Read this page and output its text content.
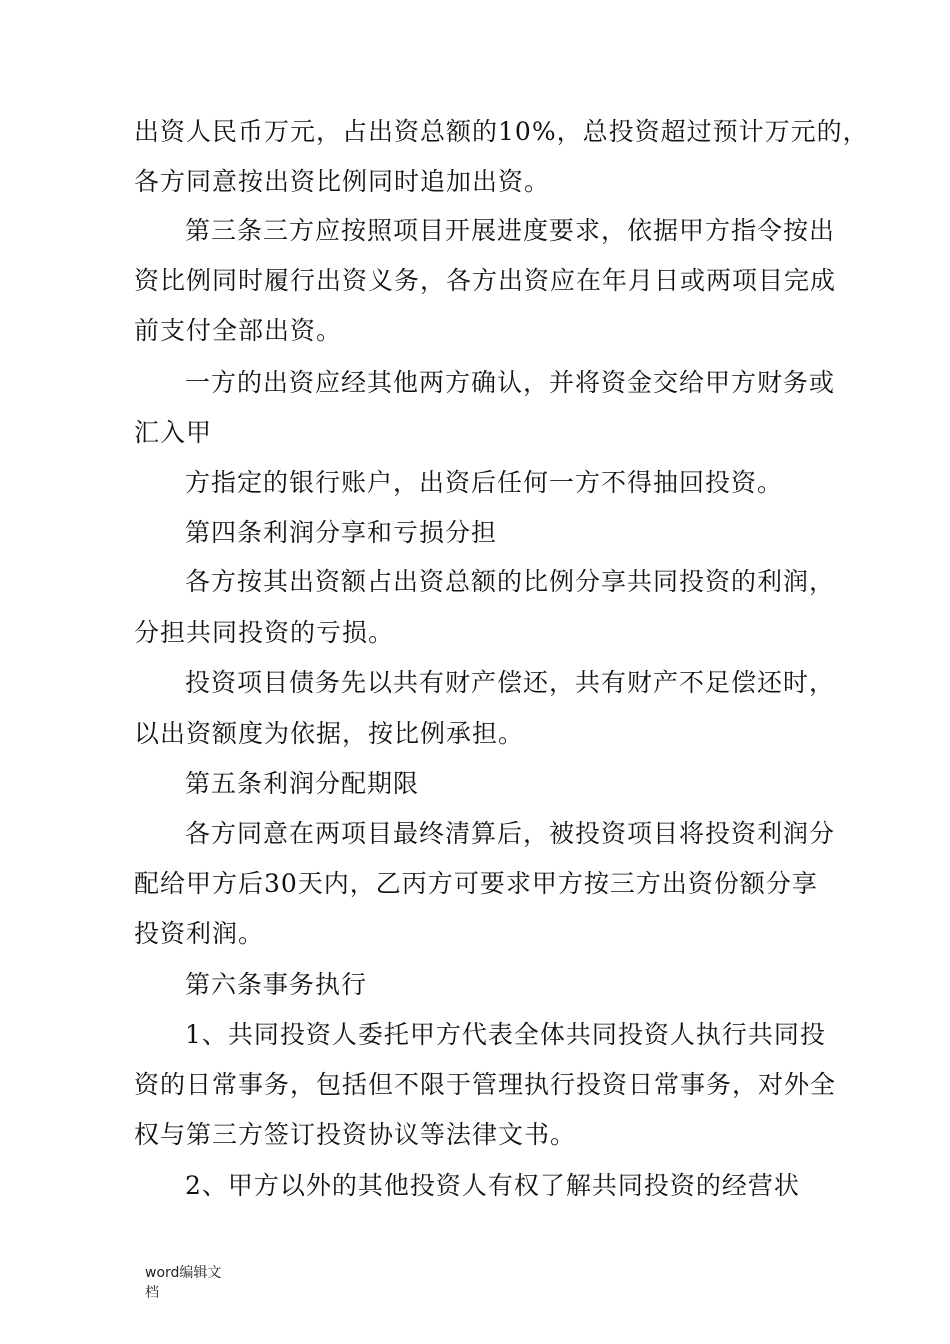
出资人民币万元，占出资总额的10%，总投资超过预计万元的，
各方同意按出资比例同时追加出资。
第三条三方应按照项目开展进度要求，依据甲方指令按出
资比例同时履行出资义务，各方出资应在年月日或两项目完成
前支付全部出资。
一方的出资应经其他两方确认，并将资金交给甲方财务或
汇入甲
方指定的银行账户，出资后任何一方不得抽回投资。
第四条利润分享和亏损分担
各方按其出资额占出资总额的比例分享共同投资的利润，
分担共同投资的亏损。
投资项目债务先以共有财产偿还，共有财产不足偿还时，
以出资额度为依据，按比例承担。
第五条利润分配期限
各方同意在两项目最终清算后，被投资项目将投资利润分
配给甲方后30天内，乙丙方可要求甲方按三方出资份额分享
投资利润。
第六条事务执行
1、共同投资人委托甲方代表全体共同投资人执行共同投
资的日常事务，包括但不限于管理执行投资日常事务，对外全
权与第三方签订投资协议等法律文书。
2、甲方以外的其他投资人有权了解共同投资的经营状
word编辑文
档
